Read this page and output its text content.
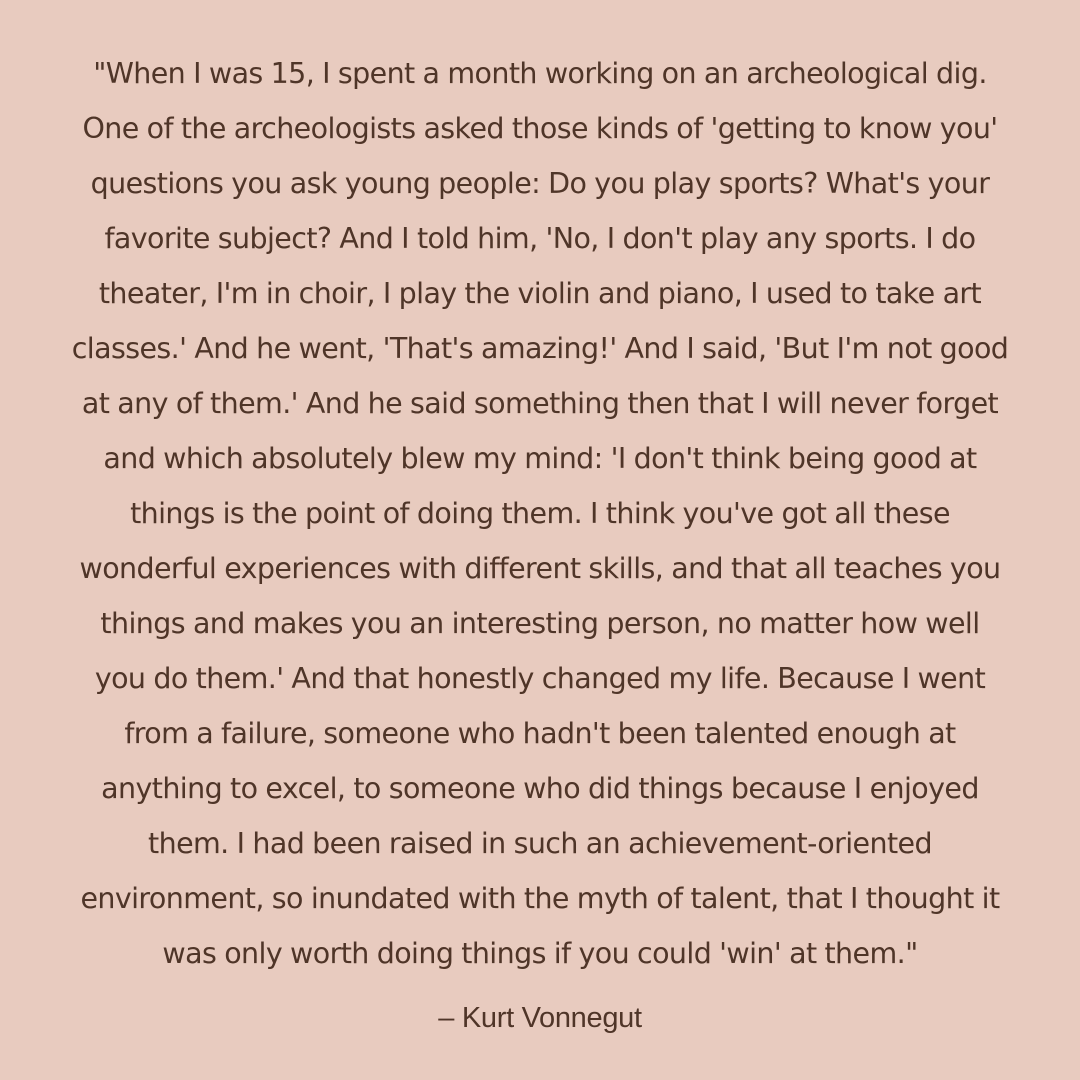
"When I was 15, I spent a month working on an archeological dig.
One of the archeologists asked those kinds of 'getting to know you'
questions you ask young people: Do you play sports? What's your
favorite subject? And I told him, 'No, I don't play any sports. I do
theater, I'm in choir, I play the violin and piano, I used to take art
classes.' And he went, 'That's amazing!' And I said, 'But I'm not good
at any of them.' And he said something then that I will never forget
and which absolutely blew my mind: 'I don't think being good at
things is the point of doing them. I think you've got all these
wonderful experiences with different skills, and that all teaches you
things and makes you an interesting person, no matter how well
you do them.' And that honestly changed my life. Because I went
from a failure, someone who hadn't been talented enough at
anything to excel, to someone who did things because I enjoyed
them. I had been raised in such an achievement-oriented
environment, so inundated with the myth of talent, that I thought it
was only worth doing things if you could 'win' at them."
– Kurt Vonnegut
